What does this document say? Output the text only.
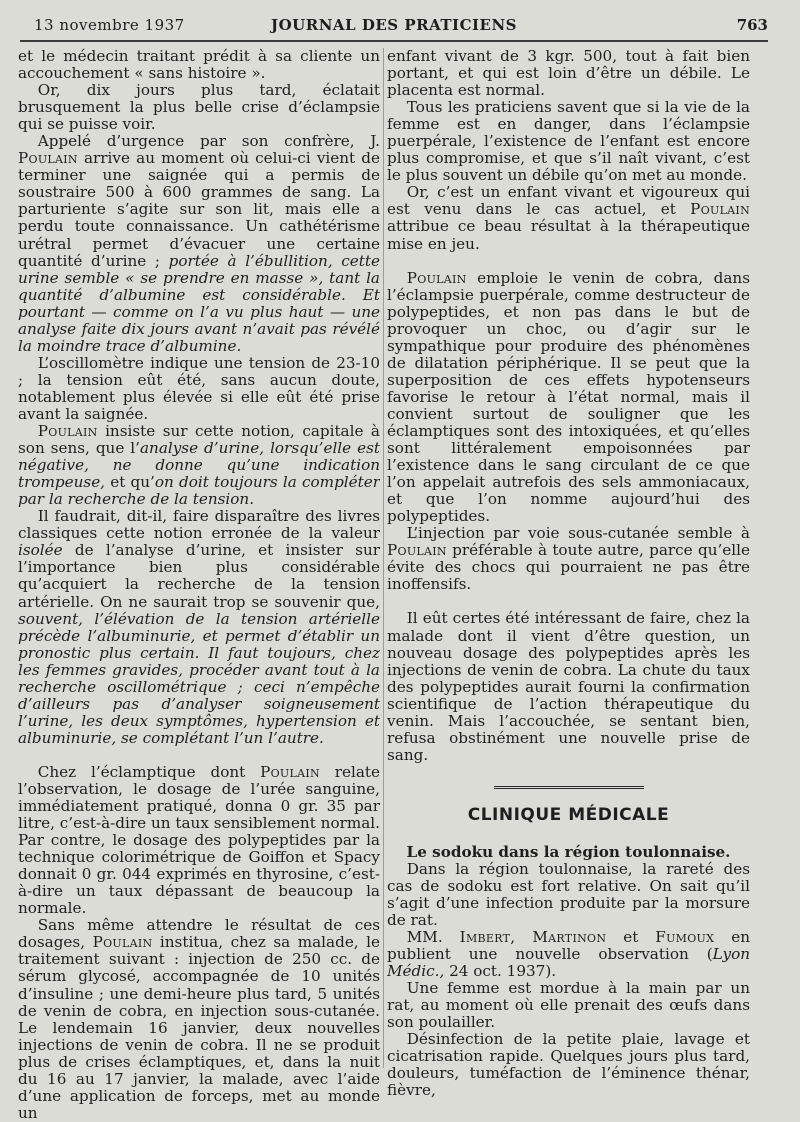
13 novembre 1937	JOURNAL DES PRATICIENS	763

et le médecin traitant prédit à sa cliente un accouchement « sans histoire ».

Or, dix jours plus tard, éclatait brusquement la plus belle crise d’éclampsie qui se puisse voir.

Appelé d’urgence par son confrère, J. Poulain arrive au moment où celui-ci vient de terminer une saignée qui a permis de soustraire 500 à 600 grammes de sang. La parturiente s’agite sur son lit, mais elle a perdu toute connaissance. Un cathétérisme urétral permet d’évacuer une certaine quantité d’urine ; portée à l’ébullition, cette urine semble « se prendre en masse », tant la quantité d’albumine est considérable. Et pourtant — comme on l’a vu plus haut — une analyse faite dix jours avant n’avait pas révélé la moindre trace d’albumine.

L’oscillomètre indique une tension de 23-10 ; la tension eût été, sans aucun doute, notablement plus élevée si elle eût été prise avant la saignée.

Poulain insiste sur cette notion, capitale à son sens, que l’analyse d’urine, lorsqu’elle est négative, ne donne qu’une indication trompeuse, et qu’on doit toujours la compléter par la recherche de la tension.

Il faudrait, dit-il, faire disparaître des livres classiques cette notion erronée de la valeur isolée de l’analyse d’urine, et insister sur l’importance bien plus considérable qu’acquiert la recherche de la tension artérielle. On ne saurait trop se souvenir que, souvent, l’élévation de la tension artérielle précède l’albuminurie, et permet d’établir un pronostic plus certain. Il faut toujours, chez les femmes gravides, procéder avant tout à la recherche oscillométrique ; ceci n’empêche d’ailleurs pas d’analyser soigneusement l’urine, les deux symptômes, hypertension et albuminurie, se complétant l’un l’autre.

Chez l’éclamptique dont Poulain relate l’observation, le dosage de l’urée sanguine, immédiatement pratiqué, donna 0 gr. 35 par litre, c’est-à-dire un taux sensiblement normal. Par contre, le dosage des polypeptides par la technique colorimétrique de Goiffon et Spacy donnait 0 gr. 044 exprimés en thyrosine, c’est-à-dire un taux dépassant de beaucoup la normale.

Sans même attendre le résultat de ces dosages, Poulain institua, chez sa malade, le traitement suivant : injection de 250 cc. de sérum glycosé, accompagnée de 10 unités d’insuline ; une demi-heure plus tard, 5 unités de venin de cobra, en injection sous-cutanée. Le lendemain 16 janvier, deux nouvelles injections de venin de cobra. Il ne se produit plus de crises éclamptiques, et, dans la nuit du 16 au 17 janvier, la malade, avec l’aide d’une application de forceps, met au monde un

enfant vivant de 3 kgr. 500, tout à fait bien portant, et qui est loin d’être un débile. Le placenta est normal.

Tous les praticiens savent que si la vie de la femme est en danger, dans l’éclampsie puerpérale, l’existence de l’enfant est encore plus compromise, et que s’il naît vivant, c’est le plus souvent un débile qu’on met au monde.

Or, c’est un enfant vivant et vigoureux qui est venu dans le cas actuel, et Poulain attribue ce beau résultat à la thérapeutique mise en jeu.

Poulain emploie le venin de cobra, dans l’éclampsie puerpérale, comme destructeur de polypeptides, et non pas dans le but de provoquer un choc, ou d’agir sur le sympathique pour produire des phénomènes de dilatation périphérique. Il se peut que la superposition de ces effets hypotenseurs favorise le retour à l’état normal, mais il convient surtout de souligner que les éclamptiques sont des intoxiquées, et qu’elles sont littéralement empoisonnées par l’existence dans le sang circulant de ce que l’on appelait autrefois des sels ammoniacaux, et que l’on nomme aujourd’hui des polypeptides.

L’injection par voie sous-cutanée semble à Poulain préférable à toute autre, parce qu’elle évite des chocs qui pourraient ne pas être inoffensifs.

Il eût certes été intéressant de faire, chez la malade dont il vient d’être question, un nouveau dosage des polypeptides après les injections de venin de cobra. La chute du taux des polypeptides aurait fourni la confirmation scientifique de l’action thérapeutique du venin. Mais l’accouchée, se sentant bien, refusa obstinément une nouvelle prise de sang.

CLINIQUE MÉDICALE
Le sodoku dans la région toulonnaise.

Dans la région toulonnaise, la rareté des cas de sodoku est fort relative. On sait qu’il s’agit d’une infection produite par la morsure de rat.

MM. Imbert, Martinon et Fumoux en publient une nouvelle observation (Lyon Médic., 24 oct. 1937).

Une femme est mordue à la main par un rat, au moment où elle prenait des œufs dans son poulailler.

Désinfection de la petite plaie, lavage et cicatrisation rapide. Quelques jours plus tard, douleurs, tuméfaction de l’éminence thénar, fièvre,
